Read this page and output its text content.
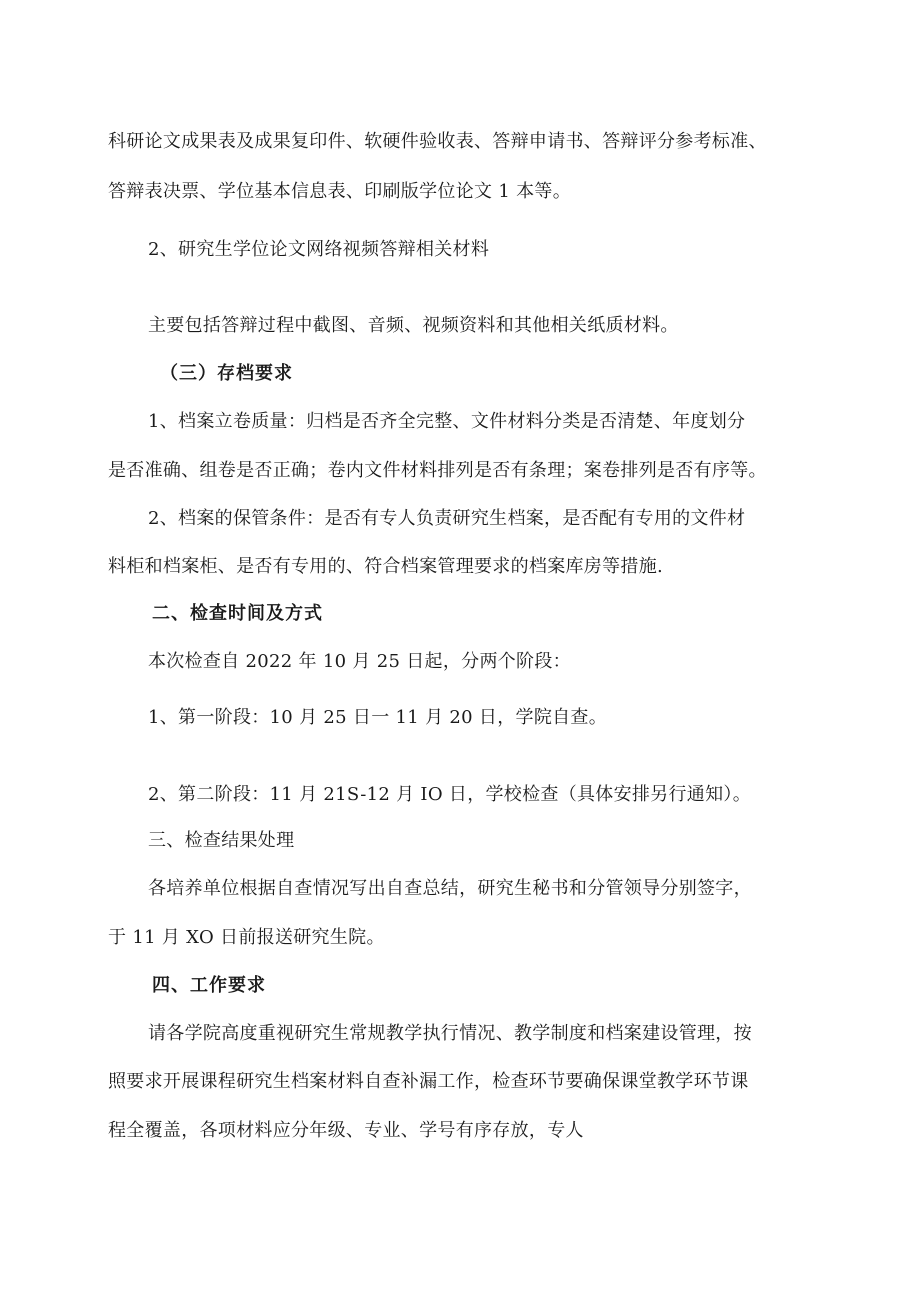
科研论文成果表及成果复印件、软硬件验收表、答辩申请书、答辩评分参考标准、
答辩表决票、学位基本信息表、印刷版学位论文 1 本等。
2、研究生学位论文网络视频答辩相关材料
主要包括答辩过程中截图、音频、视频资料和其他相关纸质材料。
（三）存档要求
1、档案立卷质量：归档是否齐全完整、文件材料分类是否清楚、年度划分
是否准确、组卷是否正确；卷内文件材料排列是否有条理；案卷排列是否有序等。
2、档案的保管条件：是否有专人负责研究生档案，是否配有专用的文件材
料柜和档案柜、是否有专用的、符合档案管理要求的档案库房等措施.
二、检查时间及方式
本次检查自 2022 年 10 月 25 日起，分两个阶段：
1、第一阶段：10 月 25 日一 11 月 20 日，学院自查。
2、第二阶段：11 月 21S-12 月 IO 日，学校检查（具体安排另行通知）。
三、检查结果处理
各培养单位根据自查情况写出自查总结，研究生秘书和分管领导分别签字，
于 11 月 XO 日前报送研究生院。
四、工作要求
请各学院高度重视研究生常规教学执行情况、教学制度和档案建设管理，按
照要求开展课程研究生档案材料自查补漏工作，检查环节要确保课堂教学环节课
程全覆盖，各项材料应分年级、专业、学号有序存放，专人
